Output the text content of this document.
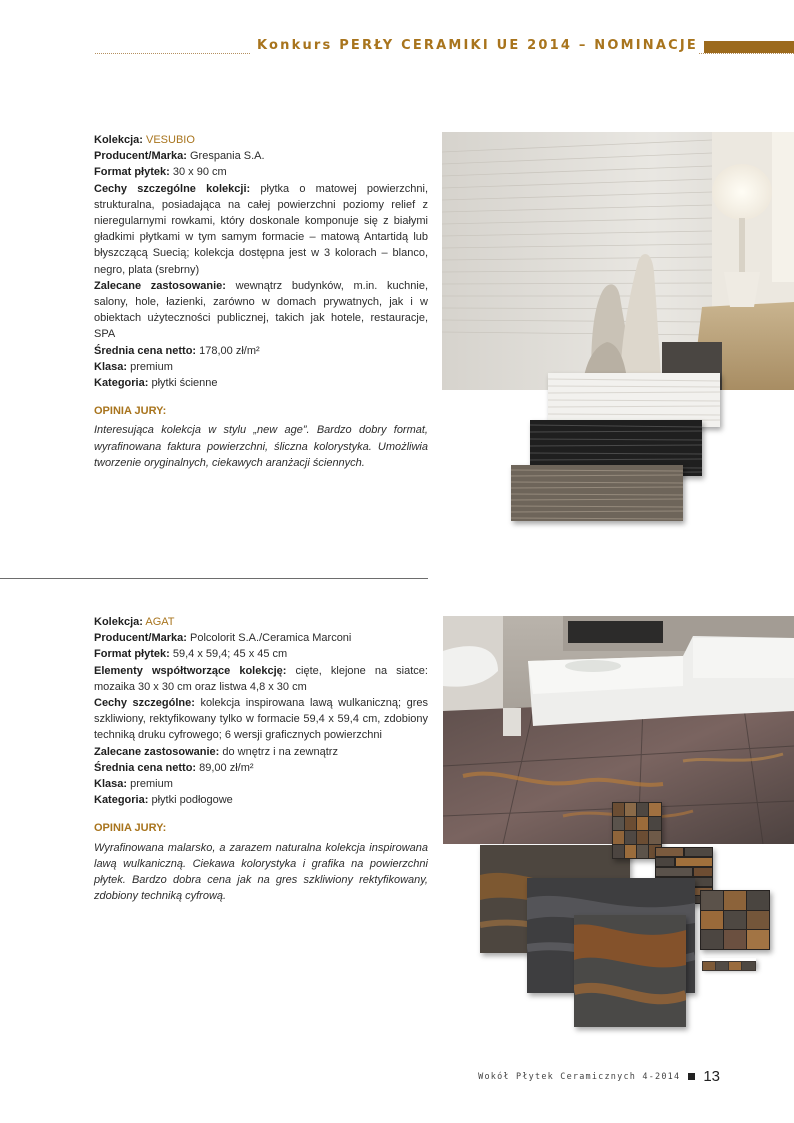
Konkurs PERŁY CERAMIKI UE 2014 – NOMINACJE

Kolekcja: VESUBIO

Producent/Marka: Grespania S.A.

Format płytek: 30 x 90 cm

Cechy szczególne kolekcji: płytka o matowej powierzchni, strukturalna, posiadająca na całej powierzchni poziomy relief z nieregularnymi rowkami, który doskonale komponuje się z białymi gładkimi płytkami w tym samym formacie – matową Antartidą lub błyszczącą Suecią; kolekcja dostępna jest w 3 kolorach – blanco, negro, plata (srebrny)

Zalecane zastosowanie: wewnątrz budynków, m.in. kuchnie, salony, hole, łazienki, zarówno w domach prywatnych, jak i w obiektach użyteczności publicznej, takich jak hotele, restauracje, SPA

Średnia cena netto: 178,00 zł/m²

Klasa: premium

Kategoria: płytki ścienne

OPINIA JURY:

Interesująca kolekcja w stylu „new age”. Bardzo dobry format, wyrafinowana faktura powierzchni, śliczna kolorystyka. Umożliwia tworzenie oryginalnych, ciekawych aranżacji ściennych.

Kolekcja: AGAT

Producent/Marka: Polcolorit S.A./Ceramica Marconi

Format płytek: 59,4 x 59,4; 45 x 45 cm

Elementy współtworzące kolekcję: cięte, klejone na siatce: mozaika 30 x 30 cm oraz listwa 4,8 x 30 cm

Cechy szczególne: kolekcja inspirowana lawą wulkaniczną; gres szkliwiony, rektyfikowany tylko w formacie 59,4 x 59,4 cm, zdobiony techniką druku cyfrowego; 6 wersji graficznych powierzchni

Zalecane zastosowanie: do wnętrz i na zewnątrz

Średnia cena netto: 89,00 zł/m²

Klasa: premium

Kategoria: płytki podłogowe

OPINIA JURY:

Wyrafinowana malarsko, a zarazem naturalna kolekcja inspirowana lawą wulkaniczną. Ciekawa kolorystyka i grafika na powierzchni płytek. Bardzo dobra cena jak na gres szkliwiony rektyfikowany, zdobiony techniką cyfrową.

Wokół Płytek Ceramicznych 4-2014 13
